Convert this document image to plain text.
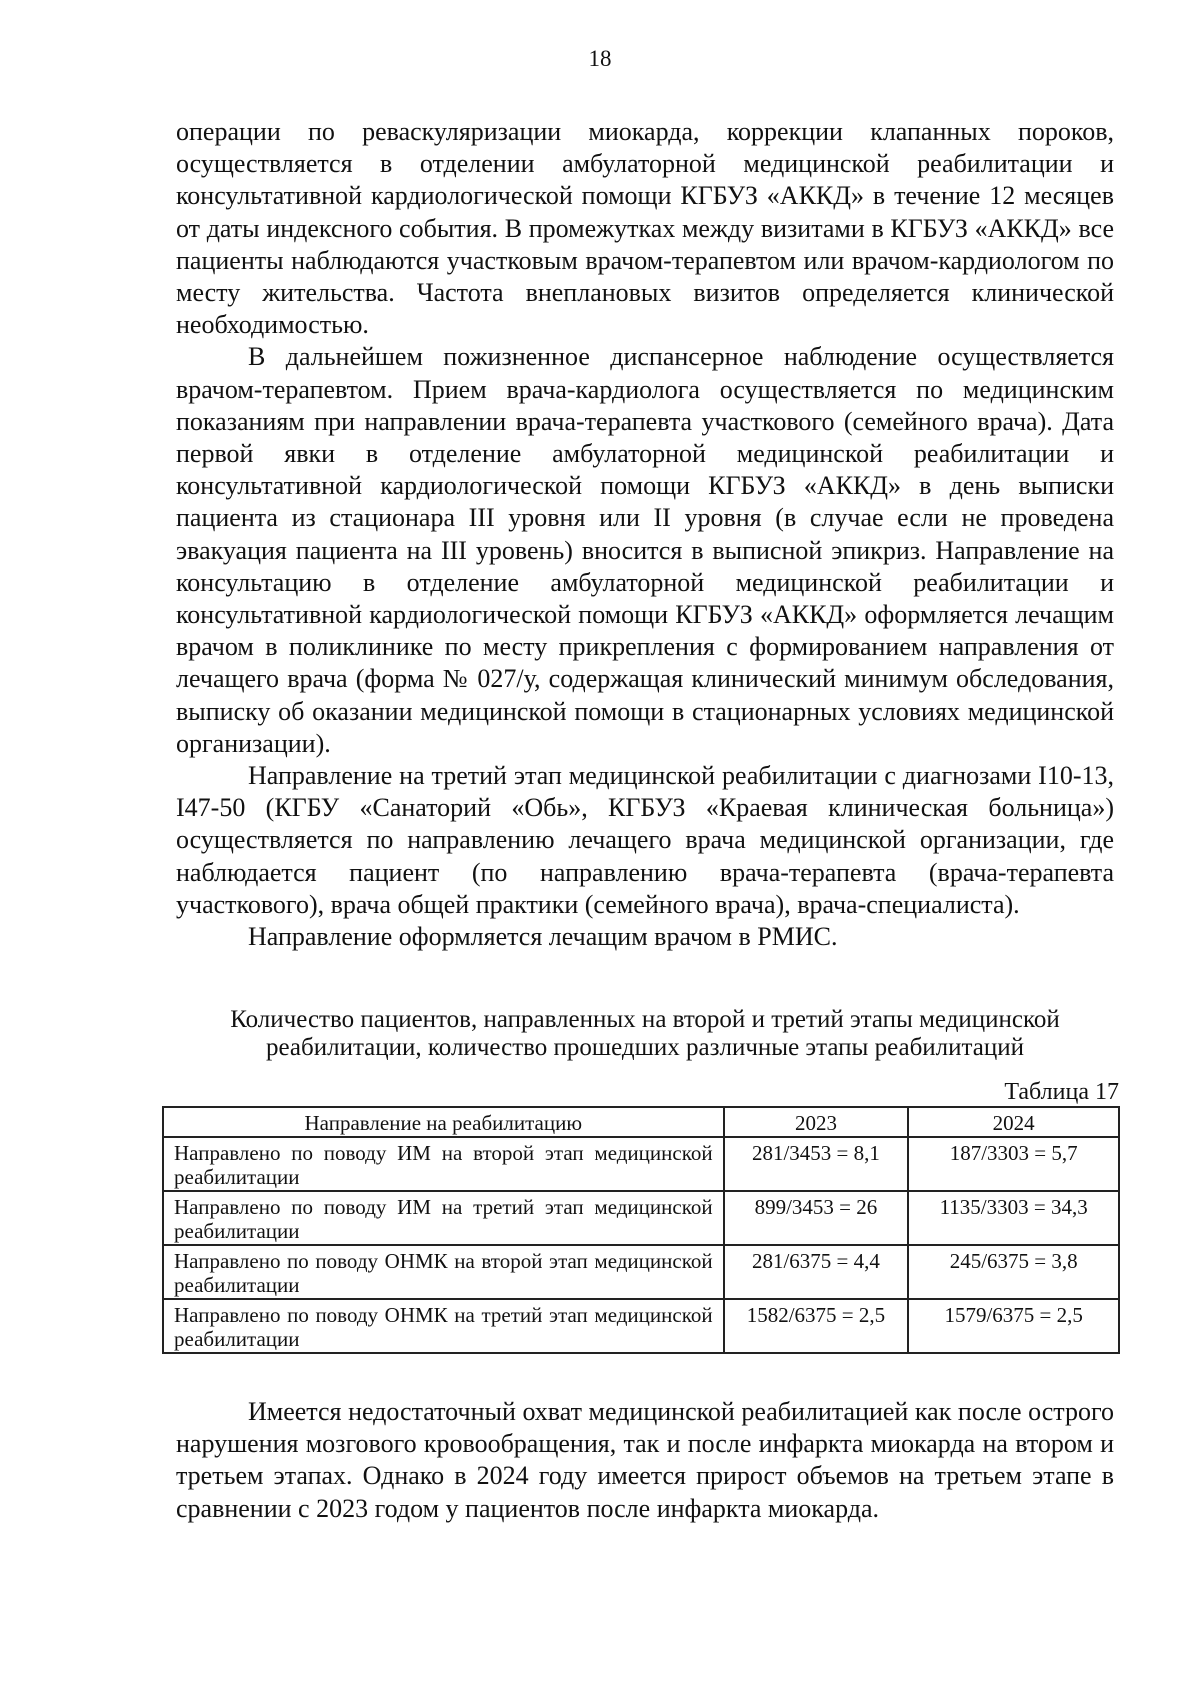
18

операции по реваскуляризации миокарда, коррекции клапанных пороков, осуществляется в отделении амбулаторной медицинской реабилитации и консультативной кардиологической помощи КГБУЗ «АККД» в течение 12 месяцев от даты индексного события. В промежутках между визитами в КГБУЗ «АККД» все пациенты наблюдаются участковым врачом-терапевтом или врачом-кардиологом по месту жительства. Частота внеплановых визитов определяется клинической необходимостью.

В дальнейшем пожизненное диспансерное наблюдение осуществляется врачом-терапевтом. Прием врача-кардиолога осуществляется по медицинским показаниям при направлении врача-терапевта участкового (семейного врача). Дата первой явки в отделение амбулаторной медицинской реабилитации и консультативной кардиологической помощи КГБУЗ «АККД» в день выписки пациента из стационара III уровня или II уровня (в случае если не проведена эвакуация пациента на III уровень) вносится в выписной эпикриз. Направление на консультацию в отделение амбулаторной медицинской реабилитации и консультативной кардиологической помощи КГБУЗ «АККД» оформляется лечащим врачом в поликлинике по месту прикрепления с формированием направления от лечащего врача (форма № 027/у, содержащая клинический минимум обследования, выписку об оказании медицинской помощи в стационарных условиях медицинской организации).

Направление на третий этап медицинской реабилитации с диагнозами I10-13, I47-50 (КГБУ «Санаторий «Обь», КГБУЗ «Краевая клиническая больница») осуществляется по направлению лечащего врача медицинской организации, где наблюдается пациент (по направлению врача-терапевта (врача-терапевта участкового), врача общей практики (семейного врача), врача-специалиста).

Направление оформляется лечащим врачом в РМИС.

Количество пациентов, направленных на второй и третий этапы медицинской
реабилитации, количество прошедших различные этапы реабилитаций
Таблица 17
Направление на реабилитацию	2023	2024
Направлено по поводу ИМ на второй этап медицинской реабилитации	281/3453 = 8,1	187/3303 = 5,7
Направлено по поводу ИМ на третий этап медицинской реабилитации	899/3453 = 26	1135/3303 = 34,3
Направлено по поводу ОНМК на второй этап медицинской реабилитации	281/6375 = 4,4	245/6375 = 3,8
Направлено по поводу ОНМК на третий этап медицинской реабилитации	1582/6375 = 2,5	1579/6375 = 2,5

Имеется недостаточный охват медицинской реабилитацией как после острого нарушения мозгового кровообращения, так и после инфаркта миокарда на втором и третьем этапах. Однако в 2024 году имеется прирост объемов на третьем этапе в сравнении с 2023 годом у пациентов после инфаркта миокарда.
